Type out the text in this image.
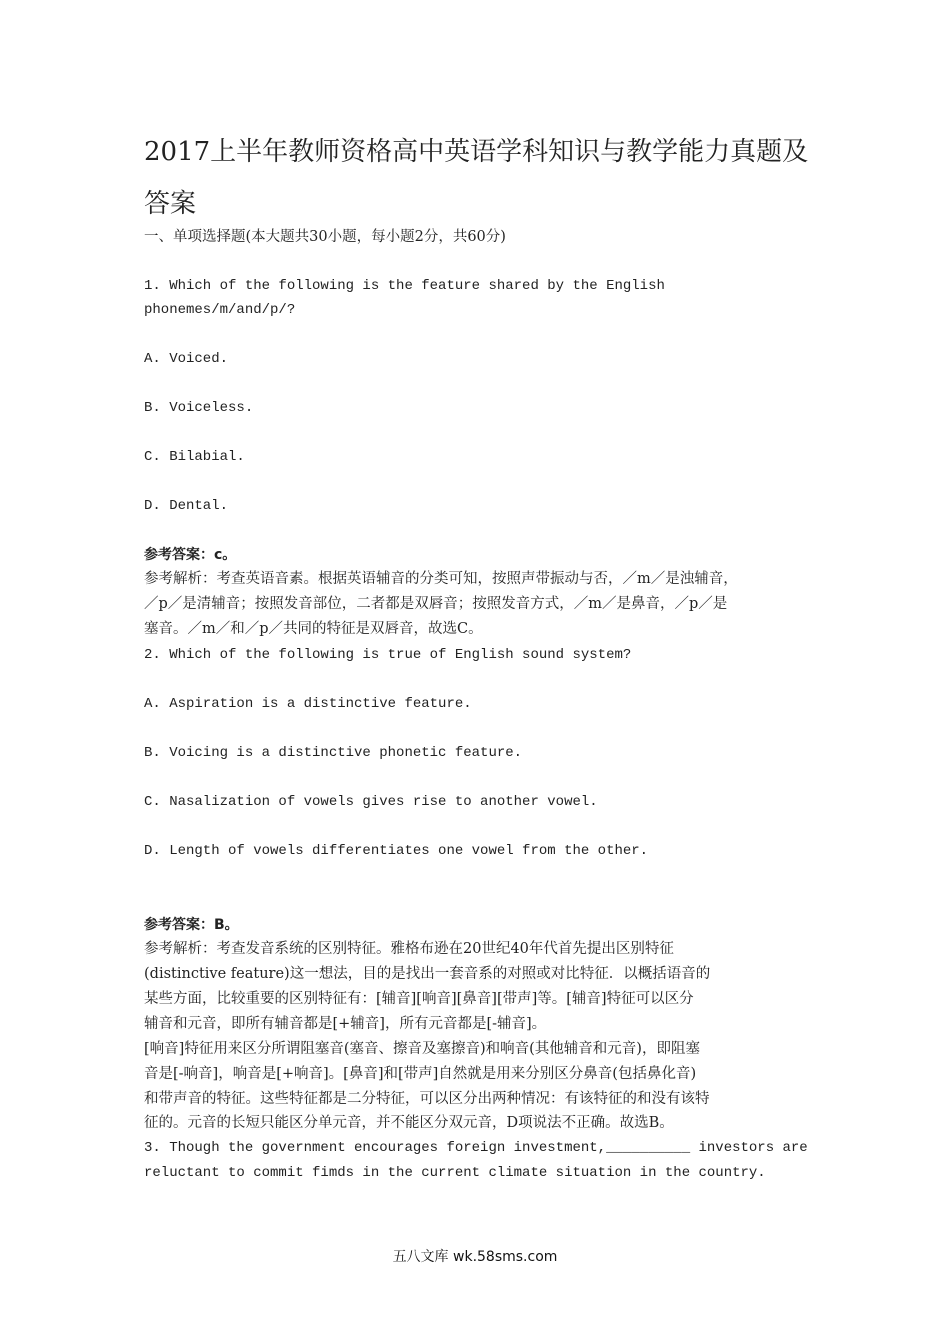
2017上半年教师资格高中英语学科知识与教学能力真题及
答案
一、单项选择题(本大题共30小题，每小题2分，共60分)
1. Which of the following is the feature shared by the English
phonemes/m/and/p/?
A. Voiced.
B. Voiceless.
C. Bilabial.
D. Dental.
参考答案：c。
参考解析：考查英语音素。根据英语辅音的分类可知，按照声带振动与否，／m／是浊辅音，
／p／是清辅音；按照发音部位，二者都是双唇音；按照发音方式，／m／是鼻音，／p／是
塞音。／m／和／p／共同的特征是双唇音，故选C。
2. Which of the following is true of English sound system?
A. Aspiration is a distinctive feature.
B. Voicing is a distinctive phonetic feature.
C. Nasalization of vowels gives rise to another vowel.
D. Length of vowels differentiates one vowel from the other.
参考答案：B。
参考解析：考查发音系统的区别特征。雅格布逊在20世纪40年代首先提出区别特征
(distinctive feature)这一想法，目的是找出一套音系的对照或对比特征．以概括语音的
某些方面，比较重要的区别特征有：[辅音][响音][鼻音][带声]等。[辅音]特征可以区分
辅音和元音，即所有辅音都是[+辅音]，所有元音都是[-辅音]。
[响音]特征用来区分所谓阻塞音(塞音、擦音及塞擦音)和响音(其他辅音和元音)，即阻塞
音是[-响音]，响音是[+响音]。[鼻音]和[带声]自然就是用来分别区分鼻音(包括鼻化音)
和带声音的特征。这些特征都是二分特征，可以区分出两种情况：有该特征的和没有该特
征的。元音的长短只能区分单元音，并不能区分双元音，D项说法不正确。故选B。
3. Though the government encourages foreign investment,__________ investors are
reluctant to commit fimds in the current climate situation in the country.
五八文库 wk.58sms.com
